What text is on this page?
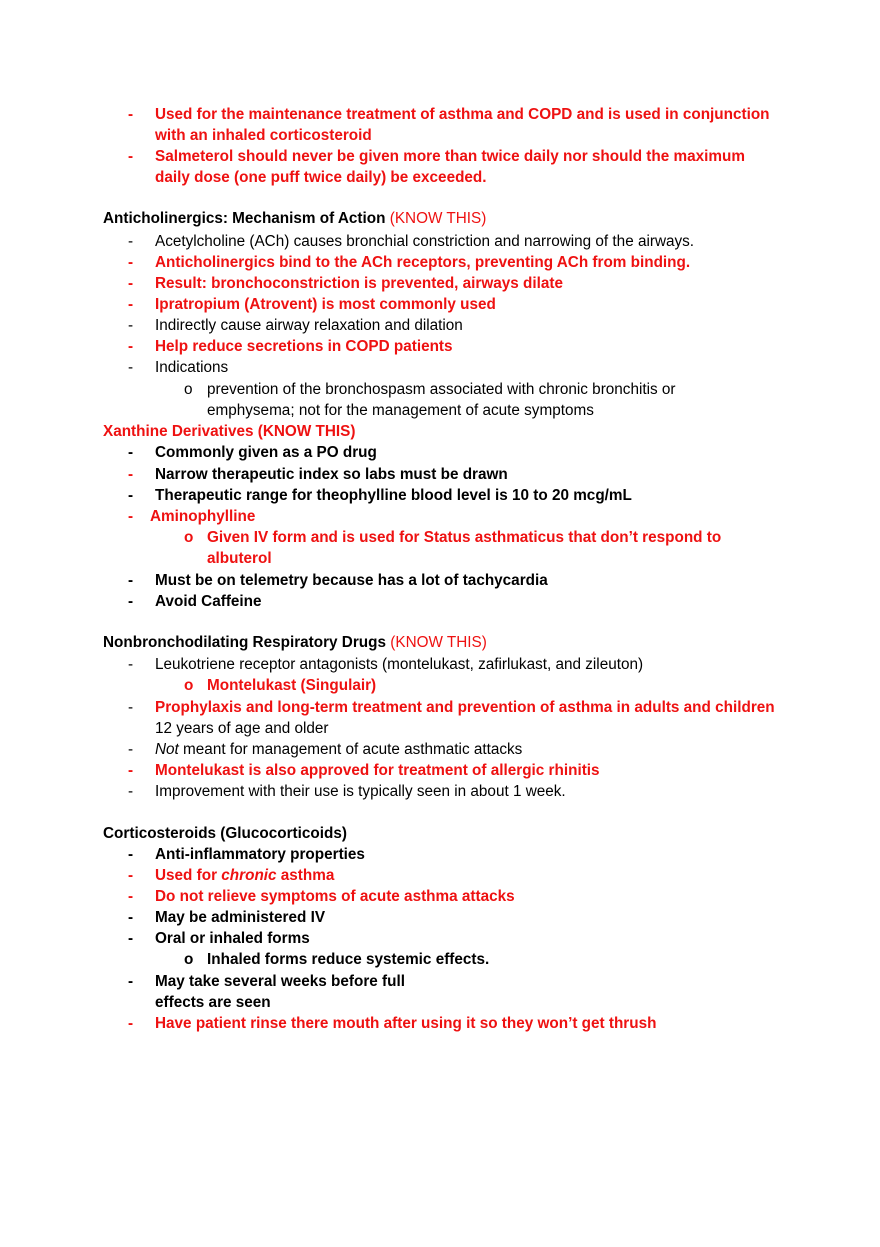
-	Used for the maintenance treatment of asthma and COPD and is used in conjunction
with an inhaled corticosteroid
-	Salmeterol should never be given more than twice daily nor should the maximum
daily dose (one puff twice daily) be exceeded.
Anticholinergics: Mechanism of Action (KNOW THIS)
-	Acetylcholine (ACh) causes bronchial constriction and narrowing of the airways.
-	Anticholinergics bind to the ACh receptors, preventing ACh from binding.
-	Result: bronchoconstriction is prevented, airways dilate
-	Ipratropium (Atrovent) is most commonly used
-	Indirectly cause airway relaxation and dilation
-	Help reduce secretions in COPD patients
-	Indications
o prevention of the bronchospasm associated with chronic bronchitis or
emphysema; not for the management of acute symptoms
Xanthine Derivatives (KNOW THIS)
-	Commonly given as a PO drug
-	Narrow therapeutic index so labs must be drawn
-	Therapeutic range for theophylline blood level is 10 to 20 mcg/mL
-	Aminophylline
o Given IV form and is used for Status asthmaticus that don’t respond to
albuterol
-	Must be on telemetry because has a lot of tachycardia
-	Avoid Caffeine
Nonbronchodilating Respiratory Drugs (KNOW THIS)
-	Leukotriene receptor antagonists (montelukast, zafirlukast, and zileuton)
o Montelukast (Singulair)
-	Prophylaxis and long-term treatment and prevention of asthma in adults and children
12 years of age and older
-	Not meant for management of acute asthmatic attacks
-	Montelukast is also approved for treatment of allergic rhinitis
-	Improvement with their use is typically seen in about 1 week.
Corticosteroids (Glucocorticoids)
-	Anti-inflammatory properties
-	Used for chronic asthma
-	Do not relieve symptoms of acute asthma attacks
-	May be administered IV
-	Oral or inhaled forms
o Inhaled forms reduce systemic effects.
-	May take several weeks before full
effects are seen
-	Have patient rinse there mouth after using it so they won’t get thrush
